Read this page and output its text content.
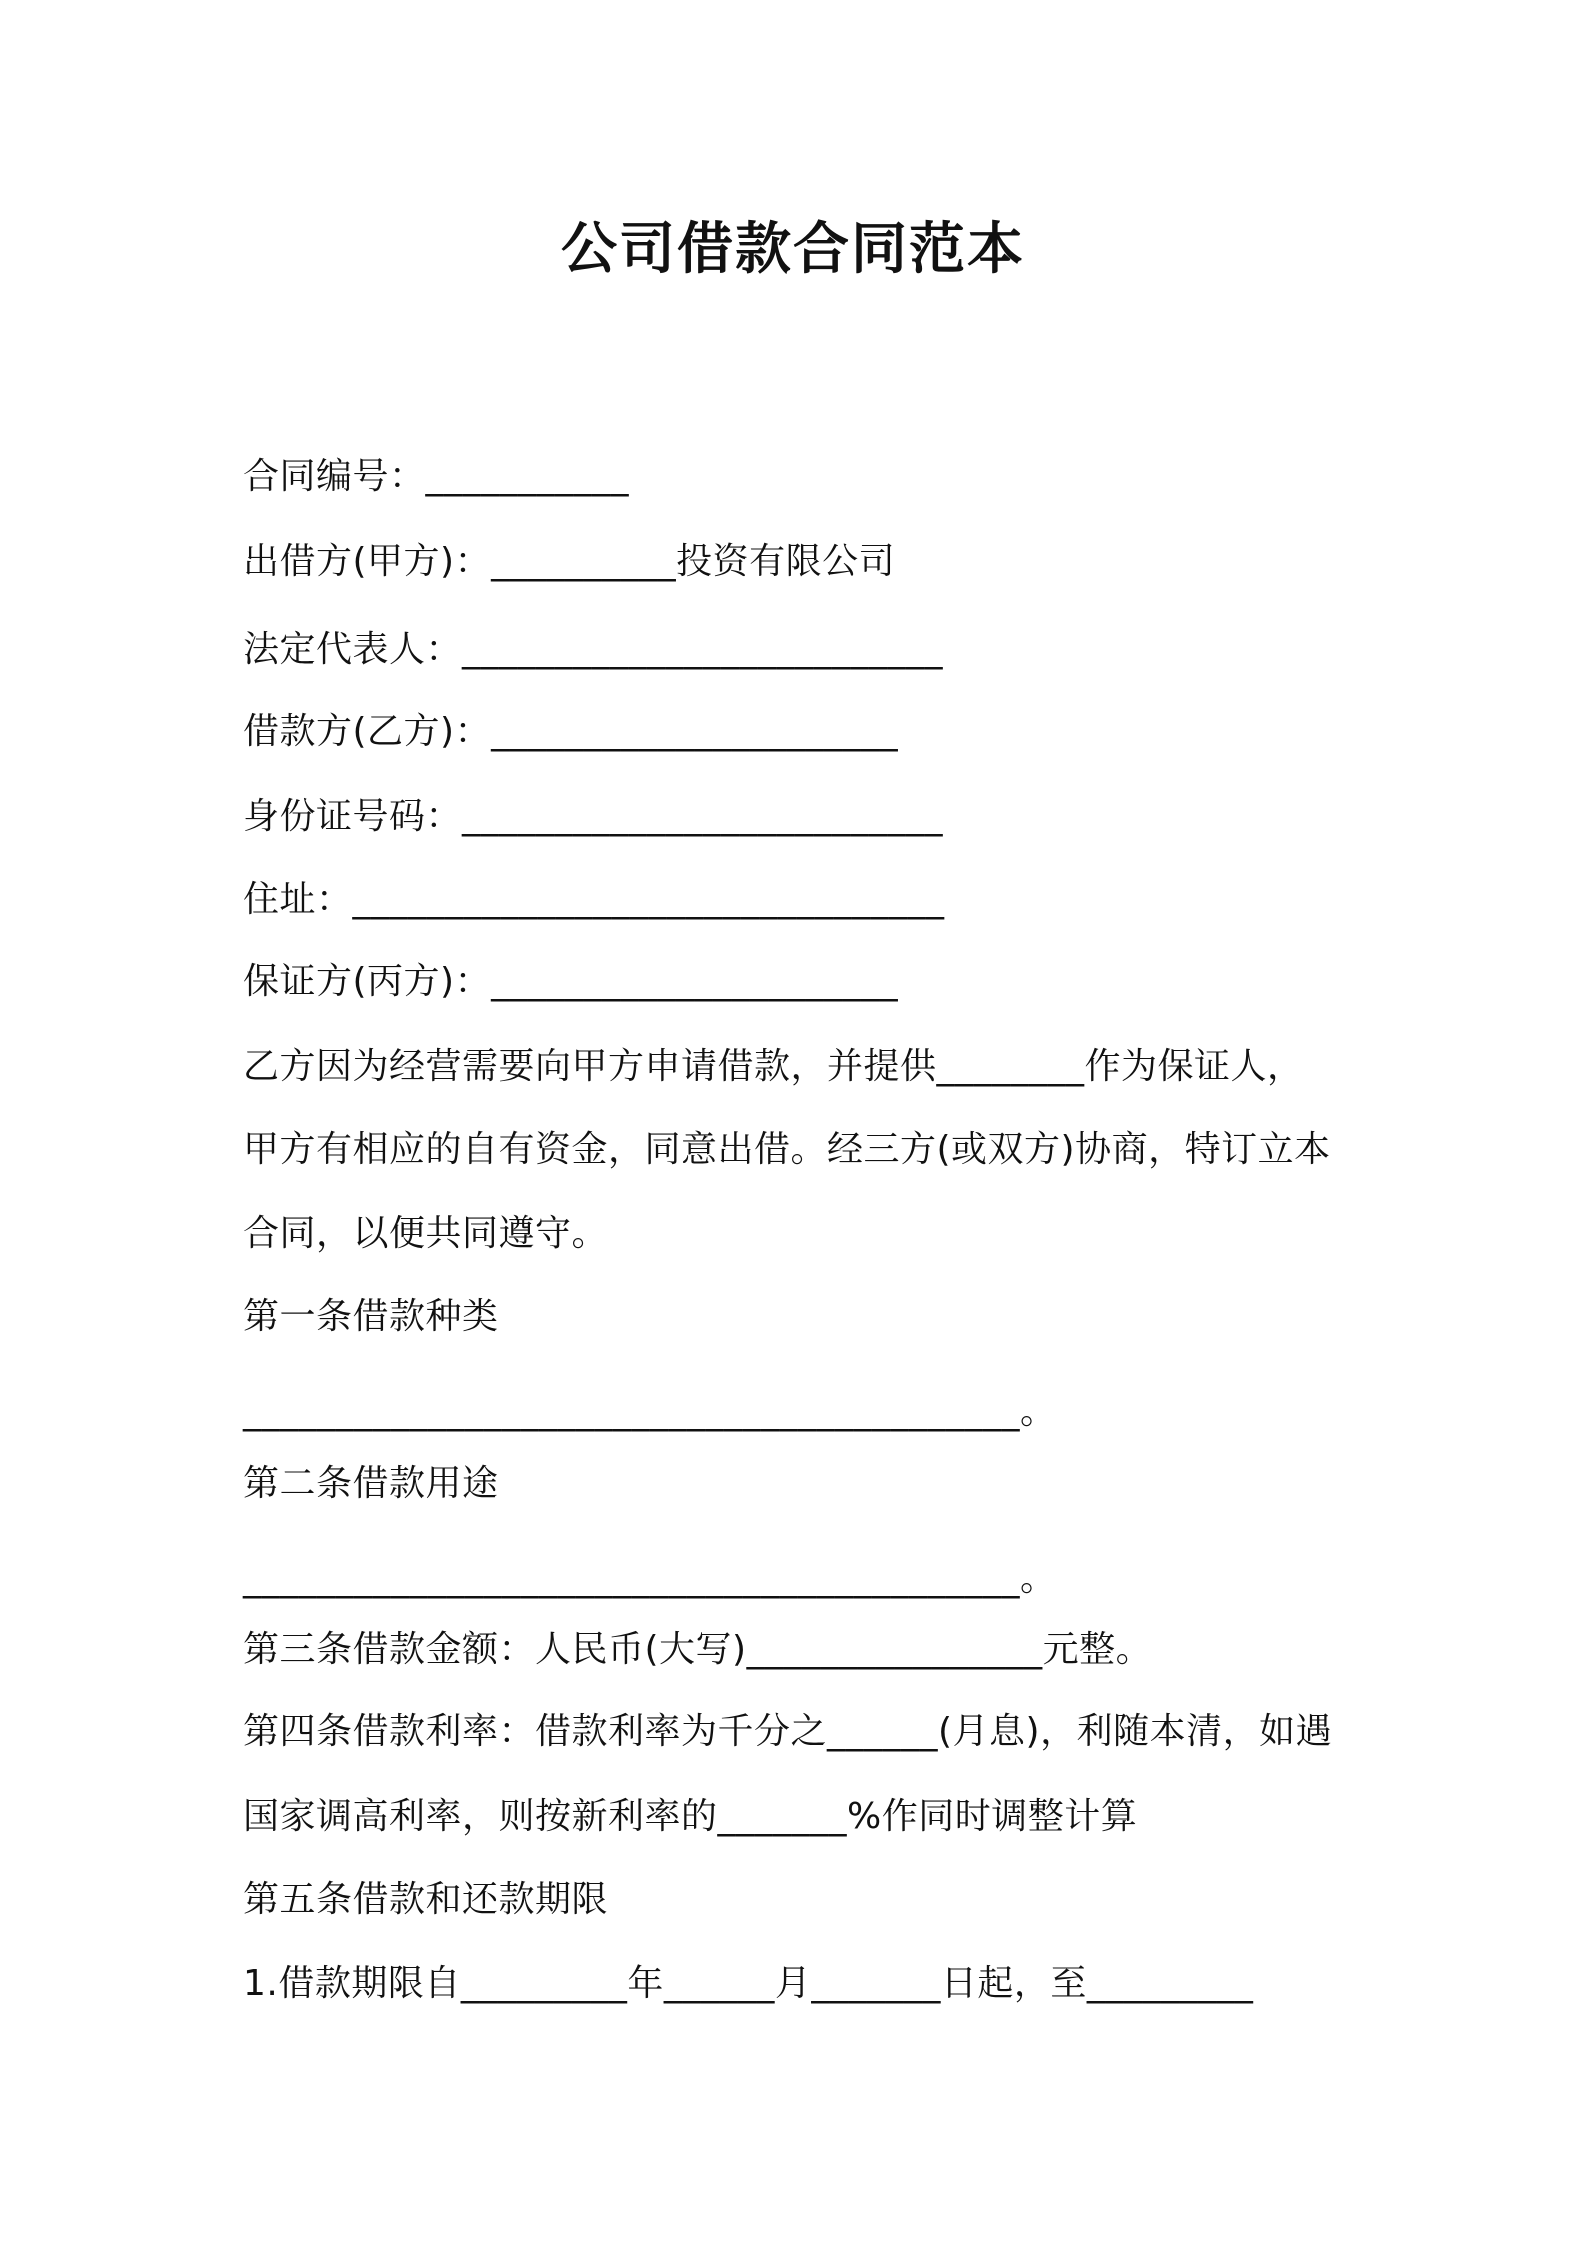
公司借款合同范本
合同编号：___________
出借方(甲方)：__________投资有限公司
法定代表人：__________________________
借款方(乙方)：______________________
身份证号码：__________________________
住址：________________________________
保证方(丙方)：______________________
乙方因为经营需要向甲方申请借款，并提供________作为保证人，
甲方有相应的自有资金，同意出借。经三方(或双方)协商，特订立本
合同，以便共同遵守。
第一条借款种类
__________________________________________。
第二条借款用途
__________________________________________。
第三条借款金额：人民币(大写)________________元整。
第四条借款利率：借款利率为千分之______(月息)，利随本清，如遇
国家调高利率，则按新利率的_______%作同时调整计算
第五条借款和还款期限
1.借款期限自_________年______月_______日起，至_________
